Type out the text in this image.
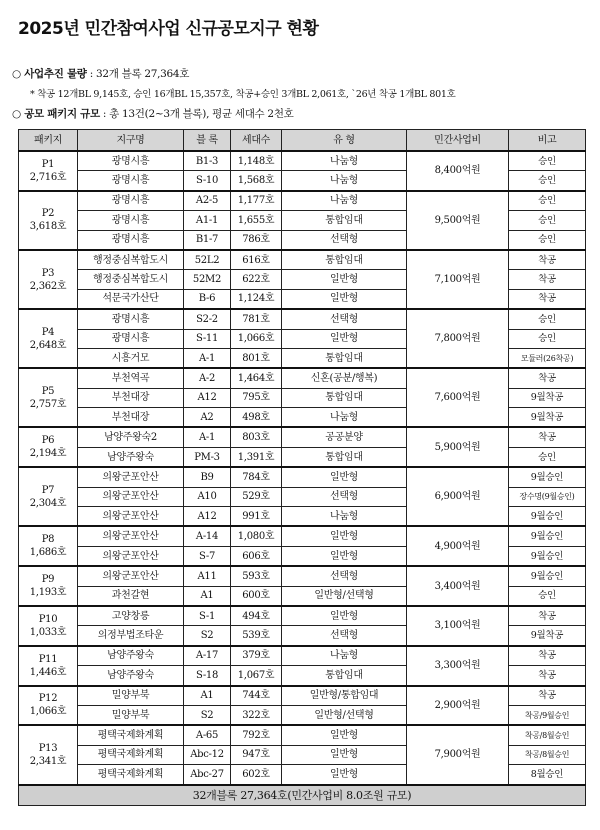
2025년 민간참여사업 신규공모지구 현황
○ 사업추진 물량 : 32개 블록 27,364호
* 착공 12개BL 9,145호, 승인 16개BL 15,357호, 착공+승인 3개BL 2,061호, `26년 착공 1개BL 801호
○ 공모 패키지 규모 : 총 13건(2~3개 블록), 평균 세대수 2천호
패키지	지구명	블 록	세대수	유 형	민간사업비	비고

P1
2,716호	광명시흥	B1-3	1,148호	나눔형	8,400억원	승인
	광명시흥	S-10	1,568호	나눔형		승인

P2
3,618호	광명시흥	A2-5	1,177호	나눔형	9,500억원	승인
	광명시흥	A1-1	1,655호	통합임대		승인
	광명시흥	B1-7	786호	선택형		승인

P3
2,362호	행정중심복합도시	52L2	616호	통합임대	7,100억원	착공
	행정중심복합도시	52M2	622호	일반형		착공
	석문국가산단	B-6	1,124호	일반형		착공

P4
2,648호	광명시흥	S2-2	781호	선택형	7,800억원	승인
	광명시흥	S-11	1,066호	일반형		승인
	시흥거모	A-1	801호	통합임대		모듈러(26착공)

P5
2,757호	부천역곡	A-2	1,464호	신혼(공분/행복)	7,600억원	착공
	부천대장	A12	795호	통합임대		9월착공
	부천대장	A2	498호	나눔형		9월착공

P6
2,194호	남양주왕숙2	A-1	803호	공공분양	5,900억원	착공
	남양주왕숙	PM-3	1,391호	통합임대		승인

P7
2,304호	의왕군포안산	B9	784호	일반형	6,900억원	9월승인
	의왕군포안산	A10	529호	선택형		장수명(9월승인)
	의왕군포안산	A12	991호	나눔형		9월승인

P8
1,686호	의왕군포안산	A-14	1,080호	일반형	4,900억원	9월승인
	의왕군포안산	S-7	606호	일반형		9월승인

P9
1,193호	의왕군포안산	A11	593호	선택형	3,400억원	9월승인
	과천갈현	A1	600호	일반형/선택형		승인

P10
1,033호	고양창릉	S-1	494호	일반형	3,100억원	착공
	의정부법조타운	S2	539호	선택형		9월착공

P11
1,446호	남양주왕숙	A-17	379호	나눔형	3,300억원	착공
	남양주왕숙	S-18	1,067호	통합임대		착공

P12
1,066호	밀양부북	A1	744호	일반형/통합임대	2,900억원	착공
	밀양부북	S2	322호	일반형/선택형		착공/9월승인

P13
2,341호	평택국제화계획	A-65	792호	일반형	7,900억원	착공/8월승인
	평택국제화계획	Abc-12	947호	일반형		착공/8월승인
	평택국제화계획	Abc-27	602호	일반형		8월승인
32개블록 27,364호(민간사업비 8.0조원 규모)						
